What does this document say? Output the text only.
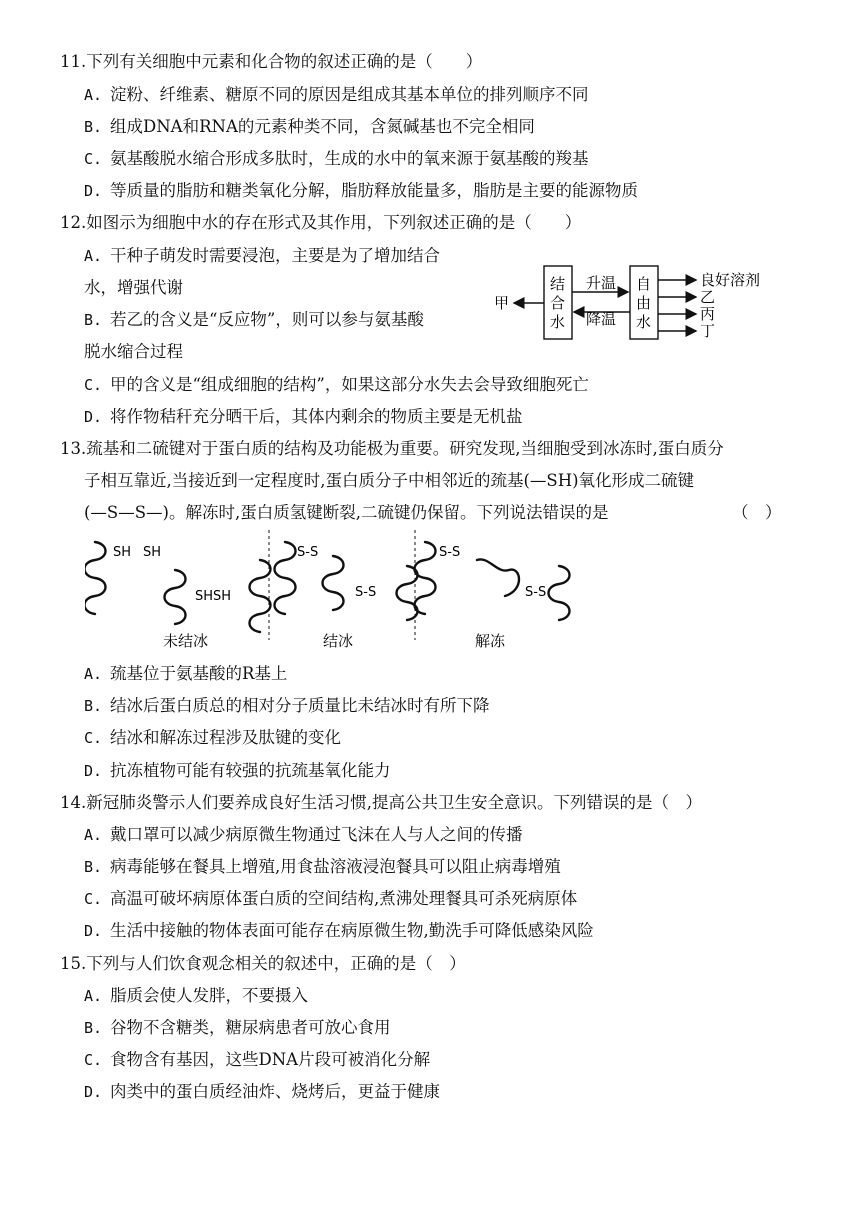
11.下列有关细胞中元素和化合物的叙述正确的是（　　）
A. 淀粉、纤维素、糖原不同的原因是组成其基本单位的排列顺序不同
B. 组成DNA和RNA的元素种类不同，含氮碱基也不完全相同
C. 氨基酸脱水缩合形成多肽时，生成的水中的氧来源于氨基酸的羧基
D. 等质量的脂肪和糖类氧化分解，脂肪释放能量多，脂肪是主要的能源物质
12.如图示为细胞中水的存在形式及其作用，下列叙述正确的是（　　）
A. 干种子萌发时需要浸泡，主要是为了增加结合
水，增强代谢
B. 若乙的含义是“反应物”，则可以参与氨基酸
脱水缩合过程
C. 甲的含义是“组成细胞的结构”，如果这部分水失去会导致细胞死亡
D. 将作物秸秆充分晒干后，其体内剩余的物质主要是无机盐
甲
结
合
水
升温
降温
自
由
水
良好溶剂
乙
丙
丁
13.巯基和二硫键对于蛋白质的结构及功能极为重要。研究发现,当细胞受到冰冻时,蛋白质分
子相互靠近,当接近到一定程度时,蛋白质分子中相邻近的巯基(—SH)氧化形成二硫键
(—S—S—)。解冻时,蛋白质氢键断裂,二硫键仍保留。下列说法错误的是	（　）
SH SH
SHSH
S-S
S-S
S-S
S-S
未结冰	结冰	解冻
A. 巯基位于氨基酸的R基上
B. 结冰后蛋白质总的相对分子质量比未结冰时有所下降
C. 结冰和解冻过程涉及肽键的变化
D. 抗冻植物可能有较强的抗巯基氧化能力
14.新冠肺炎警示人们要养成良好生活习惯,提高公共卫生安全意识。下列错误的是（　）
A. 戴口罩可以减少病原微生物通过飞沫在人与人之间的传播
B. 病毒能够在餐具上增殖,用食盐溶液浸泡餐具可以阻止病毒增殖
C. 高温可破坏病原体蛋白质的空间结构,煮沸处理餐具可杀死病原体
D. 生活中接触的物体表面可能存在病原微生物,勤洗手可降低感染风险
15.下列与人们饮食观念相关的叙述中，正确的是（　）
A. 脂质会使人发胖，不要摄入
B. 谷物不含糖类，糖尿病患者可放心食用
C. 食物含有基因，这些DNA片段可被消化分解
D. 肉类中的蛋白质经油炸、烧烤后，更益于健康
